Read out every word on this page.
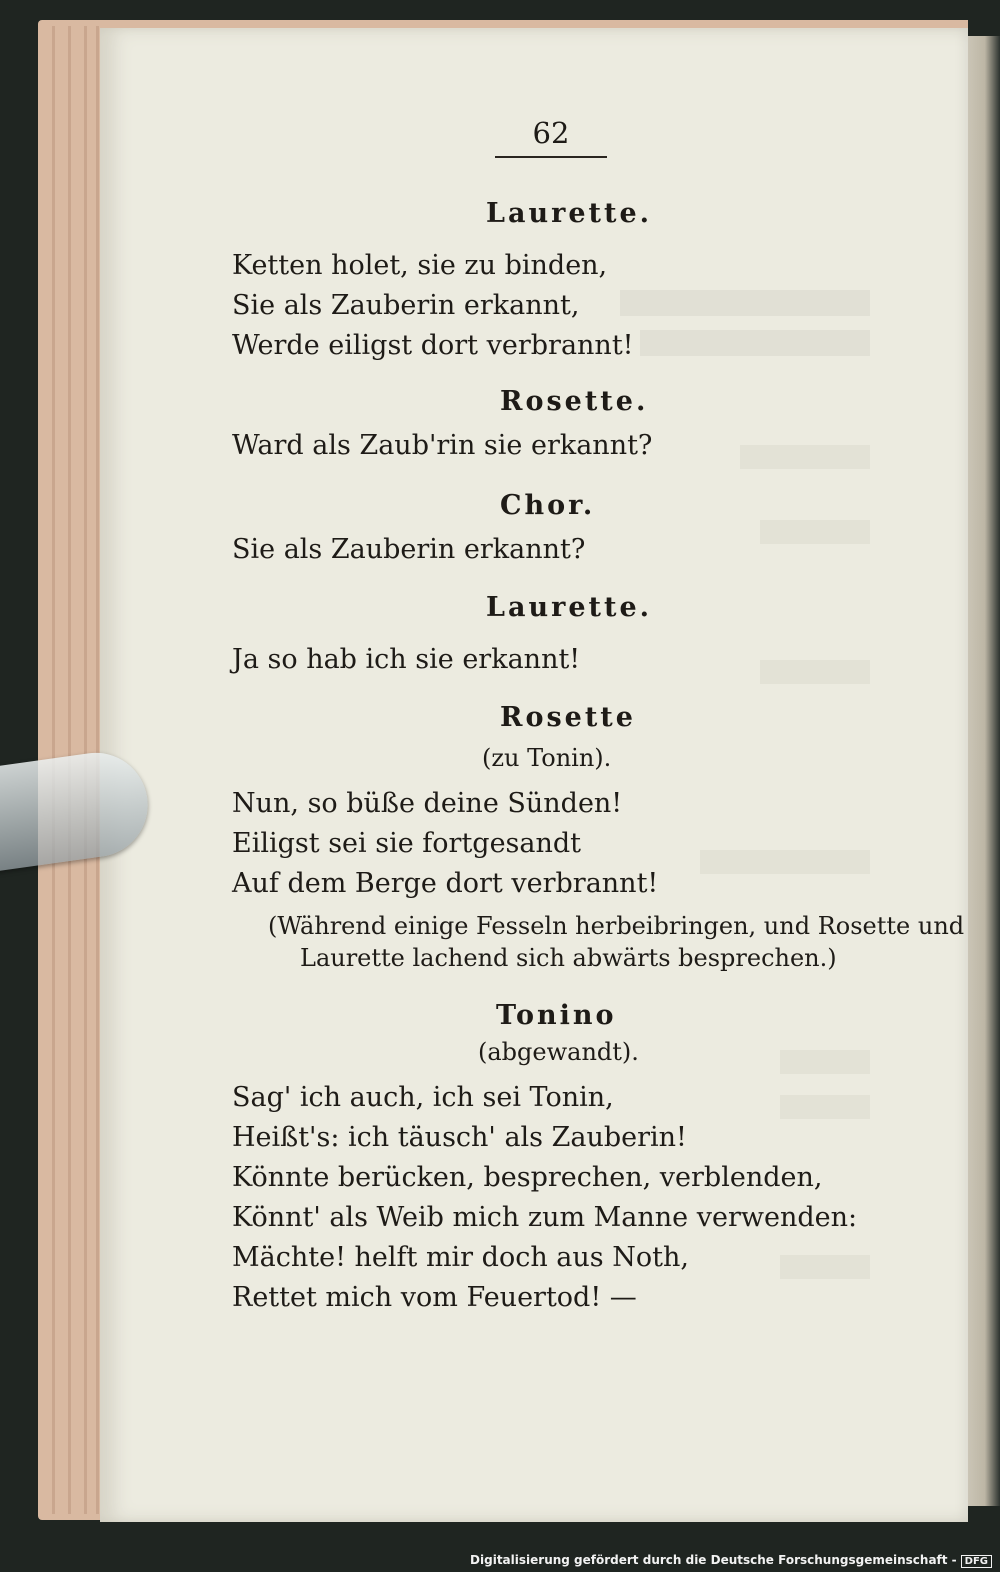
62
Laurette.
Ketten holet, sie zu binden,
Sie als Zauberin erkannt,
Werde eiligst dort verbrannt!
Rosette.
Ward als Zaub'rin sie erkannt?
Chor.
Sie als Zauberin erkannt?
Laurette.
Ja so hab ich sie erkannt!
Rosette
(zu Tonin).
Nun, so büße deine Sünden!
Eiligst sei sie fortgesandt
Auf dem Berge dort verbrannt!
(Während einige Fesseln herbeibringen, und Rosette und
Laurette lachend sich abwärts besprechen.)
Tonino
(abgewandt).
Sag' ich auch, ich sei Tonin,
Heißt's: ich täusch' als Zauberin!
Könnte berücken, besprechen, verblenden,
Könnt' als Weib mich zum Manne verwenden:
Mächte! helft mir doch aus Noth,
Rettet mich vom Feuertod! —
Digitalisierung gefördert durch die Deutsche Forschungsgemeinschaft - DFG
